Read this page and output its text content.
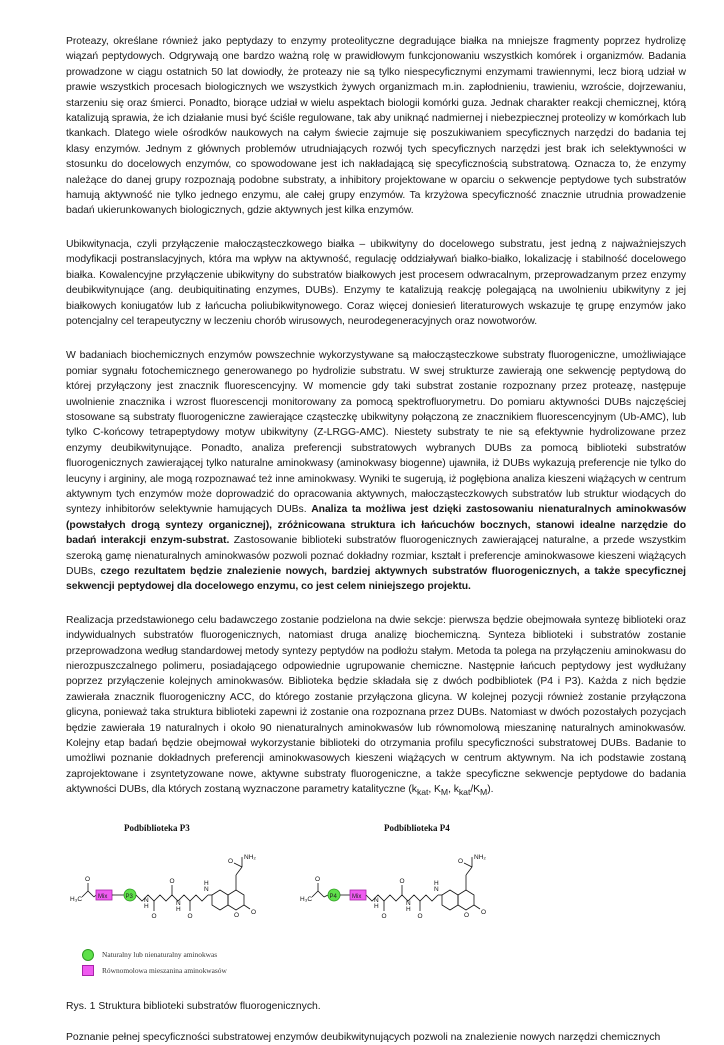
Proteazy, określane również jako peptydazy to enzymy proteolityczne degradujące białka na mniejsze fragmenty poprzez hydrolizę wiązań peptydowych. Odgrywają one bardzo ważną rolę w prawidłowym funkcjonowaniu wszystkich komórek i organizmów. Badania prowadzone w ciągu ostatnich 50 lat dowiodły, że proteazy nie są tylko niespecyficznymi enzymami trawiennymi, lecz biorą udział w prawie wszystkich procesach biologicznych we wszystkich żywych organizmach m.in. zapłodnieniu, trawieniu, wzroście, dojrzewaniu, starzeniu się oraz śmierci. Ponadto, biorące udział w wielu aspektach biologii komórki guza. Jednak charakter reakcji chemicznej, którą katalizują sprawia, że ich działanie musi być ściśle regulowane, tak aby uniknąć nadmiernej i niebezpiecznej proteolizy w komórkach lub tkankach. Dlatego wiele ośrodków naukowych na całym świecie zajmuje się poszukiwaniem specyficznych narzędzi do badania tej klasy enzymów. Jednym z głównych problemów utrudniających rozwój tych specyficznych narzędzi jest brak ich selektywności w stosunku do docelowych enzymów, co spowodowane jest ich nakładającą się specyficznością substratową. Oznacza to, że enzymy należące do danej grupy rozpoznają podobne substraty, a inhibitory projektowane w oparciu o sekwencje peptydowe tych substratów hamują aktywność nie tylko jednego enzymu, ale całej grupy enzymów. Ta krzyżowa specyficzność znacznie utrudnia prowadzenie badań ukierunkowanych biologicznych, gdzie aktywnych jest kilka enzymów.

Ubikwitynacja, czyli przyłączenie małocząsteczkowego białka – ubikwityny do docelowego substratu, jest jedną z najważniejszych modyfikacji postranslacyjnych, która ma wpływ na aktywność, regulację oddziaływań białko-białko, lokalizację i stabilność docelowego białka. Kowalencyjne przyłączenie ubikwityny do substratów białkowych jest procesem odwracalnym, przeprowadzanym przez enzymy deubikwitynujące (ang. deubiquitinating enzymes, DUBs). Enzymy te katalizują reakcję polegającą na uwolnieniu ubikwityny z jej białkowych koniugatów lub z łańcucha poliubikwitynowego. Coraz więcej doniesień literaturowych wskazuje tę grupę enzymów jako potencjalny cel terapeutyczny w leczeniu chorób wirusowych, neurodegeneracyjnych oraz nowotworów.

W badaniach biochemicznych enzymów powszechnie wykorzystywane są małocząsteczkowe substraty fluorogeniczne, umożliwiające pomiar sygnału fotochemicznego generowanego po hydrolizie substratu. W swej strukturze zawierają one sekwencję peptydową do której przyłączony jest znacznik fluorescencyjny. W momencie gdy taki substrat zostanie rozpoznany przez proteazę, następuje uwolnienie znacznika i wzrost fluorescencji monitorowany za pomocą spektrofluorymetru. Do pomiaru aktywności DUBs najczęściej stosowane są substraty fluorogeniczne zawierające cząsteczkę ubikwityny połączoną ze znacznikiem fluorescencyjnym (Ub-AMC), lub tylko C-końcowy tetrapeptydowy motyw ubikwityny (Z-LRGG-AMC). Niestety substraty te nie są efektywnie hydrolizowane przez enzymy deubikwitynujące. Ponadto, analiza preferencji substratowych wybranych DUBs za pomocą biblioteki substratów fluorogenicznych zawierającej tylko naturalne aminokwasy (aminokwasy biogenne) ujawniła, iż DUBs wykazują preferencje nie tylko do leucyny i argininy, ale mogą rozpoznawać też inne aminokwasy. Wyniki te sugerują, iż pogłębiona analiza kieszeni wiążących w centrum aktywnym tych enzymów może doprowadzić do opracowania aktywnych, małocząsteczkowych substratów lub struktur wiodących do syntezy inhibitorów selektywnie hamujących DUBs. Analiza ta możliwa jest dzięki zastosowaniu nienaturalnych aminokwasów (powstałych drogą syntezy organicznej), zróżnicowana struktura ich łańcuchów bocznych, stanowi idealne narzędzie do badań interakcji enzym-substrat. Zastosowanie biblioteki substratów fluorogenicznych zawierającej naturalne, a przede wszystkim szeroką gamę nienaturalnych aminokwasów pozwoli poznać dokładny rozmiar, kształt i preferencje aminokwasowe kieszeni wiążących DUBs, czego rezultatem będzie znalezienie nowych, bardziej aktywnych substratów fluorogenicznych, a także specyficznej sekwencji peptydowej dla docelowego enzymu, co jest celem niniejszego projektu.

Realizacja przedstawionego celu badawczego zostanie podzielona na dwie sekcje: pierwsza będzie obejmowała syntezę biblioteki oraz indywidualnych substratów fluorogenicznych, natomiast druga analizę biochemiczną. Synteza biblioteki i substratów zostanie przeprowadzona według standardowej metody syntezy peptydów na podłożu stałym. Metoda ta polega na przyłączeniu aminokwasu do nierozpuszczalnego polimeru, posiadającego odpowiednie ugrupowanie chemiczne. Następnie łańcuch peptydowy jest wydłużany poprzez przyłączenie kolejnych aminokwasów. Biblioteka będzie składała się z dwóch podbibliotek (P4 i P3). Każda z nich będzie zawierała znacznik fluorogeniczny ACC, do którego zostanie przyłączona glicyna. W kolejnej pozycji również zostanie przyłączona glicyna, ponieważ taka struktura biblioteki zapewni iż zostanie ona rozpoznana przez DUBs. Natomiast w dwóch pozostałych pozycjach będzie zawierała 19 naturalnych i około 90 nienaturalnych aminokwasów lub równomolową mieszaninę naturalnych aminokwasów. Kolejny etap badań będzie obejmował wykorzystanie biblioteki do otrzymania profilu specyficzności substratowej DUBs. Badanie to umożliwi poznanie dokładnych preferencji aminokwasowych kieszeni wiążących w centrum aktywnym. Na ich podstawie zostaną zaprojektowane i zsyntetyzowane nowe, aktywne substraty fluorogeniczne, a także specyficzne sekwencje peptydowe do badania aktywności DUBs, dla których zostaną wyznaczone parametry katalityczne ($k_{kat}$, $K_M$, $k_{kat}/K_M$).

Podbiblioteka P3
H₃C
O
Mix	P3
H
N
O
O
N
H
O
N
H
O O
NH₂
O
Podbiblioteka P4
H₃C
O
P4	Mix
H
N
O
O
N
H
O
N
H
O O
NH₂
O
Naturalny lub nienaturalny aminokwas
Równomolowa mieszanina aminokwasów
Rys. 1 Struktura biblioteki substratów fluorogenicznych.
Poznanie pełnej specyficzności substratowej enzymów deubikwitynujących pozwoli na znalezienie nowych narzędzi chemicznych
